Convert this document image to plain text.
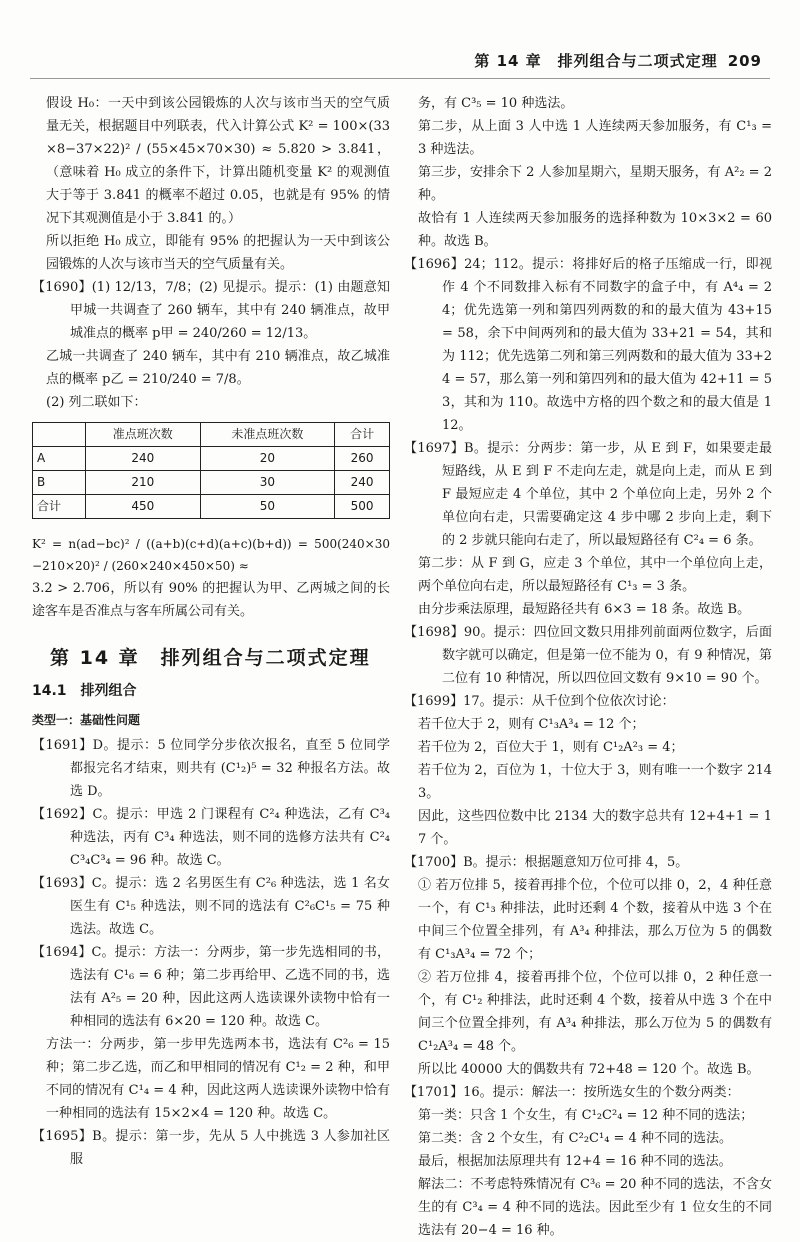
第 14 章　排列组合与二项式定理 209

假设 H₀：一天中到该公园锻炼的人次与该市当天的空气质量无关，根据题目中列联表，代入计算公式 K² = 100×(33×8−37×22)² / (55×45×70×30) ≈ 5.820 > 3.841，（意味着 H₀ 成立的条件下，计算出随机变量 K² 的观测值大于等于 3.841 的概率不超过 0.05，也就是有 95% 的情况下其观测值是小于 3.841 的。）

所以拒绝 H₀ 成立，即能有 95% 的把握认为一天中到该公园锻炼的人次与该市当天的空气质量有关。

【1690】(1) 12/13，7/8；(2) 见提示。提示：(1) 由题意知甲城一共调查了 260 辆车，其中有 240 辆准点，故甲城准点的概率 p甲 = 240/260 = 12/13。

乙城一共调查了 240 辆车，其中有 210 辆准点，故乙城准点的概率 p乙 = 210/240 = 7/8。

(2) 列二联如下：

	准点班次数	未准点班次数	合计
A	240	20	260
B	210	30	240
合计	450	50	500

K² = n(ad−bc)² / ((a+b)(c+d)(a+c)(b+d)) = 500(240×30−210×20)² / (260×240×450×50) ≈

3.2 > 2.706，所以有 90% 的把握认为甲、乙两城之间的长途客车是否准点与客车所属公司有关。

第 14 章　排列组合与二项式定理
14.1　排列组合
类型一：基础性问题

【1691】D。提示：5 位同学分步依次报名，直至 5 位同学都报完名才结束，则共有 (C¹₂)⁵ = 32 种报名方法。故选 D。

【1692】C。提示：甲选 2 门课程有 C²₄ 种选法，乙有 C³₄ 种选法，丙有 C³₄ 种选法，则不同的选修方法共有 C²₄C³₄C³₄ = 96 种。故选 C。

【1693】C。提示：选 2 名男医生有 C²₆ 种选法，选 1 名女医生有 C¹₅ 种选法，则不同的选法有 C²₆C¹₅ = 75 种选法。故选 C。

【1694】C。提示：方法一：分两步，第一步先选相同的书，选法有 C¹₆ = 6 种；第二步再给甲、乙选不同的书，选法有 A²₅ = 20 种，因此这两人选读课外读物中恰有一种相同的选法有 6×20 = 120 种。故选 C。

方法一：分两步，第一步甲先选两本书，选法有 C²₆ = 15 种；第二步乙选，而乙和甲相同的情况有 C¹₂ = 2 种，和甲不同的情况有 C¹₄ = 4 种，因此这两人选读课外读物中恰有一种相同的选法有 15×2×4 = 120 种。故选 C。

【1695】B。提示：第一步，先从 5 人中挑选 3 人参加社区服

务，有 C³₅ = 10 种选法。

第二步，从上面 3 人中选 1 人连续两天参加服务，有 C¹₃ = 3 种选法。

第三步，安排余下 2 人参加星期六，星期天服务，有 A²₂ = 2 种。

故恰有 1 人连续两天参加服务的选择种数为 10×3×2 = 60 种。故选 B。

【1696】24；112。提示：将排好后的格子压缩成一行，即视作 4 个不同数排入标有不同数字的盒子中，有 A⁴₄ = 24；优先选第一列和第四列两数的和的最大值为 43+15 = 58，余下中间两列和的最大值为 33+21 = 54，其和为 112；优先选第二列和第三列两数和的最大值为 33+24 = 57，那么第一列和第四列和的最大值为 42+11 = 53，其和为 110。故选中方格的四个数之和的最大值是 112。

【1697】B。提示：分两步：第一步，从 E 到 F，如果要走最短路线，从 E 到 F 不走向左走，就是向上走，而从 E 到 F 最短应走 4 个单位，其中 2 个单位向上走，另外 2 个单位向右走，只需要确定这 4 步中哪 2 步向上走，剩下的 2 步就只能向右走了，所以最短路径有 C²₄ = 6 条。

第二步：从 F 到 G，应走 3 个单位，其中一个单位向上走，两个单位向右走，所以最短路径有 C¹₃ = 3 条。

由分步乘法原理，最短路径共有 6×3 = 18 条。故选 B。

【1698】90。提示：四位回文数只用排列前面两位数字，后面数字就可以确定，但是第一位不能为 0，有 9 种情况，第二位有 10 种情况，所以四位回文数有 9×10 = 90 个。

【1699】17。提示：从千位到个位依次讨论：

若千位大于 2，则有 C¹₃A³₄ = 12 个；

若千位为 2，百位大于 1，则有 C¹₂A²₃ = 4；

若千位为 2，百位为 1，十位大于 3，则有唯一一个数字 2143。

因此，这些四位数中比 2134 大的数字总共有 12+4+1 = 17 个。

【1700】B。提示：根据题意知万位可排 4，5。

① 若万位排 5，接着再排个位，个位可以排 0，2，4 种任意一个，有 C¹₃ 种排法，此时还剩 4 个数，接着从中选 3 个在中间三个位置全排列，有 A³₄ 种排法，那么万位为 5 的偶数有 C¹₃A³₄ = 72 个；

② 若万位排 4，接着再排个位，个位可以排 0，2 种任意一个，有 C¹₂ 种排法，此时还剩 4 个数，接着从中选 3 个在中间三个位置全排列，有 A³₄ 种排法，那么万位为 5 的偶数有 C¹₂A³₄ = 48 个。

所以比 40000 大的偶数共有 72+48 = 120 个。故选 B。

【1701】16。提示：解法一：按所选女生的个数分两类：

第一类：只含 1 个女生，有 C¹₂C²₄ = 12 种不同的选法；

第二类：含 2 个女生，有 C²₂C¹₄ = 4 种不同的选法。

最后，根据加法原理共有 12+4 = 16 种不同的选法。

解法二：不考虑特殊情况有 C³₆ = 20 种不同的选法，不含女生的有 C³₄ = 4 种不同的选法。因此至少有 1 位女生的不同选法有 20−4 = 16 种。
